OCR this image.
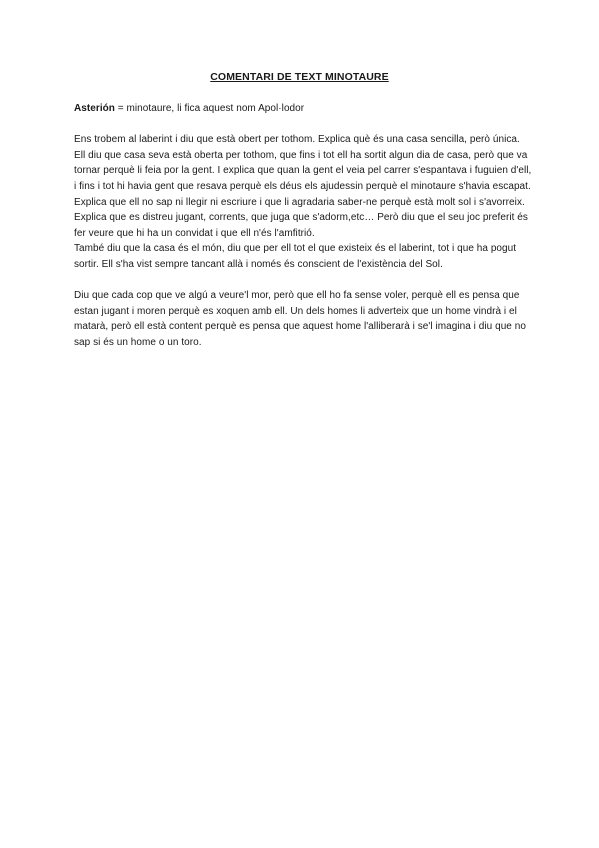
COMENTARI DE TEXT MINOTAURE

Asterión = minotaure, li fica aquest nom Apol·lodor

Ens trobem al laberint i diu que està obert per tothom. Explica què és una casa sencilla, però única.

Ell diu que casa seva està oberta per tothom, que fins i tot ell ha sortit algun dia de casa, però que va tornar perquè li feia por la gent. I explica que quan la gent el veia pel carrer s'espantava i fuguien d'ell, i fins i tot hi havia gent que resava perquè els déus els ajudessin perquè el minotaure s'havia escapat. Explica que ell no sap ni llegir ni escriure i que li agradaria saber-ne perquè està molt sol i s'avorreix.

Explica que es distreu jugant, corrents, que juga que s'adorm,etc… Però diu que el seu joc preferit és fer veure que hi ha un convidat i que ell n'és l'amfitrió.

També diu que la casa és el món, diu que per ell tot el que existeix és el laberint, tot i que ha pogut sortir. Ell s'ha vist sempre tancant allà i només és conscient de l'existència del Sol.

Diu que cada cop que ve algú a veure'l mor, però que ell ho fa sense voler, perquè ell es pensa que estan jugant i moren perquè es xoquen amb ell. Un dels homes li adverteix que un home vindrà i el matarà, però ell està content perquè es pensa que aquest home l'alliberarà i se'l imagina i diu que no sap si és un home o un toro.
